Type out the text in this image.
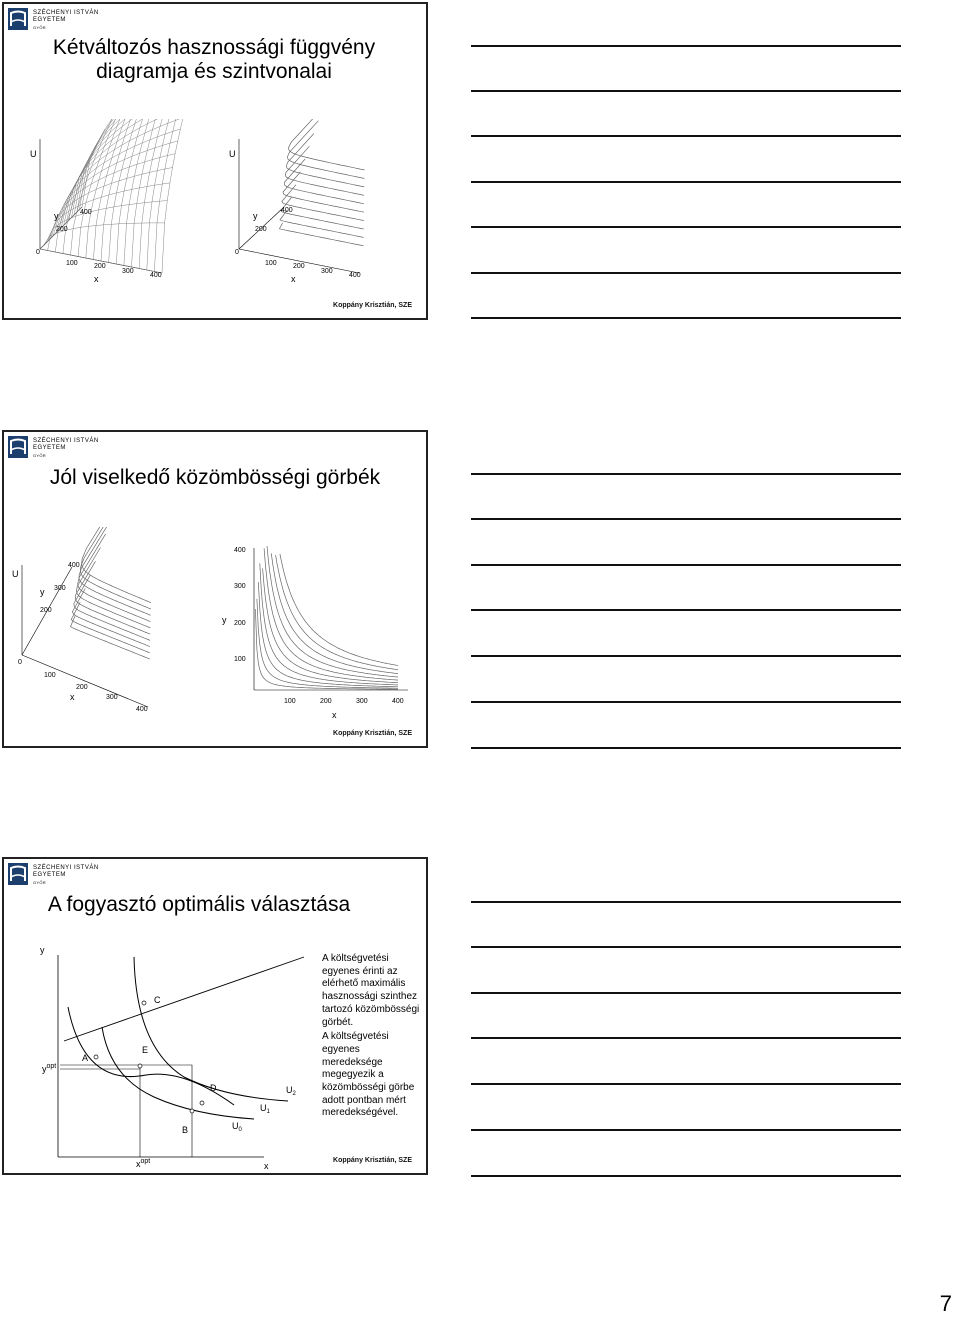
SZÉCHENYI ISTVÁN
EGYETEM
GYŐR
Kétváltozós hasznossági függvény
diagramja és szintvonalai
U
y
x
0
200
400
100 200
300
400
U
y
x
0
200
400
100 200
300
400
Koppány Krisztián, SZE
SZÉCHENYI ISTVÁN
EGYETEM
GYŐR
Jól viselkedő közömbösségi görbék
U
y
x
0
200
300
400
100
200
300
400
y
x
100
200
300
400
100	200	300	400
Koppány Krisztián, SZE
SZÉCHENYI ISTVÁN
EGYETEM
GYŐR
A fogyasztó optimális választása
y
x
$y^{opt}$
$x^{opt}$
A
C
E
D
B	$U_0$
$U_1$
$U_2$

A költségvetési egyenes érinti az elérhető maximális hasznossági szinthez tartozó közömbösségi görbét.

A költségvetési egyenes meredeksége megegyezik a közömbösségi görbe adott pontban mért meredekségével.

Koppány Krisztián, SZE
7
